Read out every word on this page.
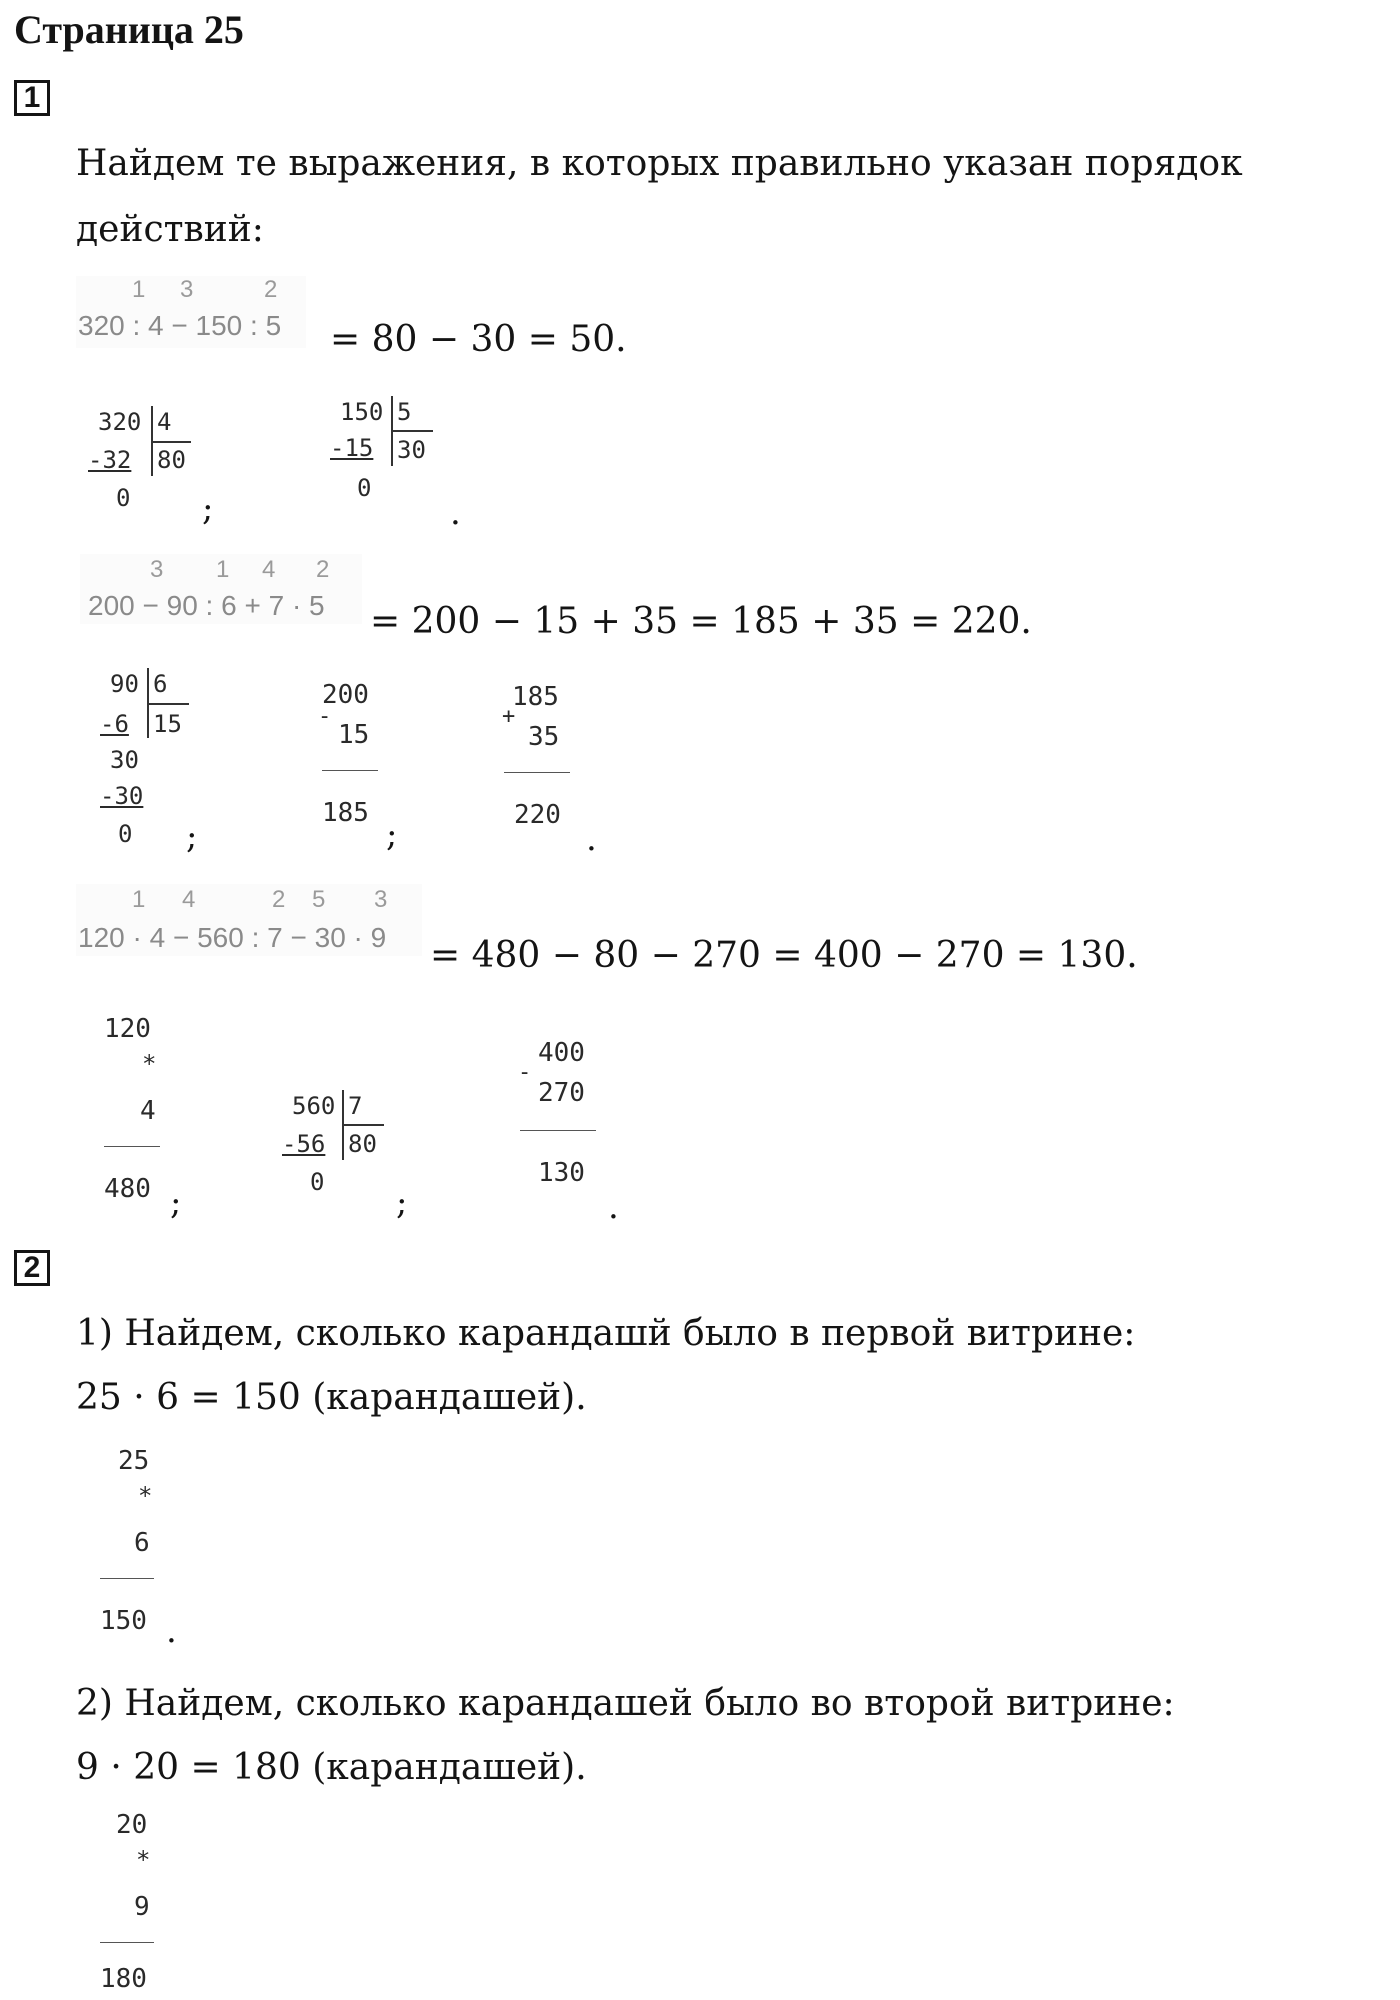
Страница 25
1
Найдем те выражения, в которых правильно указан порядок
действий:
1 3	2
320 : 4 − 150 : 5 = 80 − 30 = 50.
320 4
-32 80
0 ;
150 5
-15 30
0
.
3 1 4 2
200 − 90 : 6 + 7 · 5 = 200 − 15 + 35 = 185 + 35 = 220.
90 6
-6 15
30
-30
0 ;
200
-
15
185
;
185
+
35
220
.
1 4	2 5 3
120 · 4 − 560 : 7 − 30 · 9 = 480 − 80 − 270 = 400 − 270 = 130.
120
*
4
480 ;
560 7
-56 80
0
;
400
-
270
130
.
2
1) Найдем, сколько карандашй было в первой витрине:
25 · 6 = 150 (карандашей).
25
*
6
150 .
2) Найдем, сколько карандашей было во второй витрине:
9 · 20 = 180 (карандашей).
20
*
9
180
